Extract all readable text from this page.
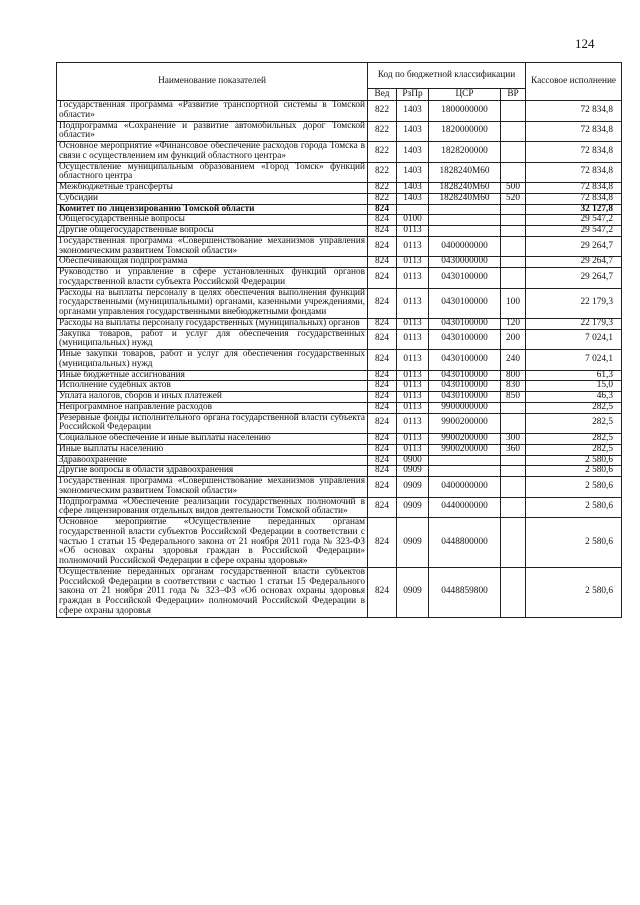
124
Наименование показателей	Код по бюджетной классификации				Кассовое исполнение
	Вед	РзПр	ЦСР	ВР	
Государственная программа «Развитие транспортной системы в Томской области»	822	1403	1800000000		72 834,8
Подпрограмма «Сохранение и развитие автомобильных дорог Томской области»	822	1403	1820000000		72 834,8
Основное мероприятие «Финансовое обеспечение расходов города Томска в связи с осуществлением им функций областного центра»	822	1403	1828200000		72 834,8
Осуществление муниципальным образованием «Город Томск» функций областного центра	822	1403	1828240М60		72 834,8
Межбюджетные трансферты	822	1403	1828240М60	500	72 834,8
Субсидии	822	1403	1828240М60	520	72 834,8
Комитет по лицензированию Томской области	824				32 127,8
Общегосударственные вопросы	824	0100			29 547,2
Другие общегосударственные вопросы	824	0113			29 547,2
Государственная программа «Совершенствование механизмов управления экономическим развитием Томской области»	824	0113	0400000000		29 264,7
Обеспечивающая подпрограмма	824	0113	0430000000		29 264,7
Руководство и управление в сфере установленных функций органов государственной власти субъекта Российской Федерации	824	0113	0430100000		29 264,7
Расходы на выплаты персоналу в целях обеспечения выполнения функций государственными (муниципальными) органами, казенными учреждениями, органами управления государственными внебюджетными фондами	824	0113	0430100000	100	22 179,3
Расходы на выплаты персоналу государственных (муниципальных) органов	824	0113	0430100000	120	22 179,3
Закупка товаров, работ и услуг для обеспечения государственных (муниципальных) нужд	824	0113	0430100000	200	7 024,1
Иные закупки товаров, работ и услуг для обеспечения государственных (муниципальных) нужд	824	0113	0430100000	240	7 024,1
Иные бюджетные ассигнования	824	0113	0430100000	800	61,3
Исполнение судебных актов	824	0113	0430100000	830	15,0
Уплата налогов, сборов и иных платежей	824	0113	0430100000	850	46,3
Непрограммное направление расходов	824	0113	9900000000		282,5
Резервные фонды исполнительного органа государственной власти субъекта Российской Федерации	824	0113	9900200000		282,5
Социальное обеспечение и иные выплаты населению	824	0113	9900200000	300	282,5
Иные выплаты населению	824	0113	9900200000	360	282,5
Здравоохранение	824	0900			2 580,6
Другие вопросы в области здравоохранения	824	0909			2 580,6
Государственная программа «Совершенствование механизмов управления экономическим развитием Томской области»	824	0909	0400000000		2 580,6
Подпрограмма «Обеспечение реализации государственных полномочий в сфере лицензирования отдельных видов деятельности Томской области»	824	0909	0440000000		2 580,6
Основное мероприятие «Осуществление переданных органам государственной власти субъектов Российской Федерации в соответствии с частью 1 статьи 15 Федерального закона от 21 ноября 2011 года № 323-ФЗ «Об основах охраны здоровья граждан в Российской Федерации» полномочий Российской Федерации в сфере охраны здоровья»	824	0909	0448800000		2 580,6
Осуществление переданных органам государственной власти субъектов Российской Федерации в соответствии с частью 1 статьи 15 Федерального закона от 21 ноября 2011 года № 323–ФЗ «Об основах охраны здоровья граждан в Российской Федерации» полномочий Российской Федерации в сфере охраны здоровья	824	0909	0448859800		2 580,6
